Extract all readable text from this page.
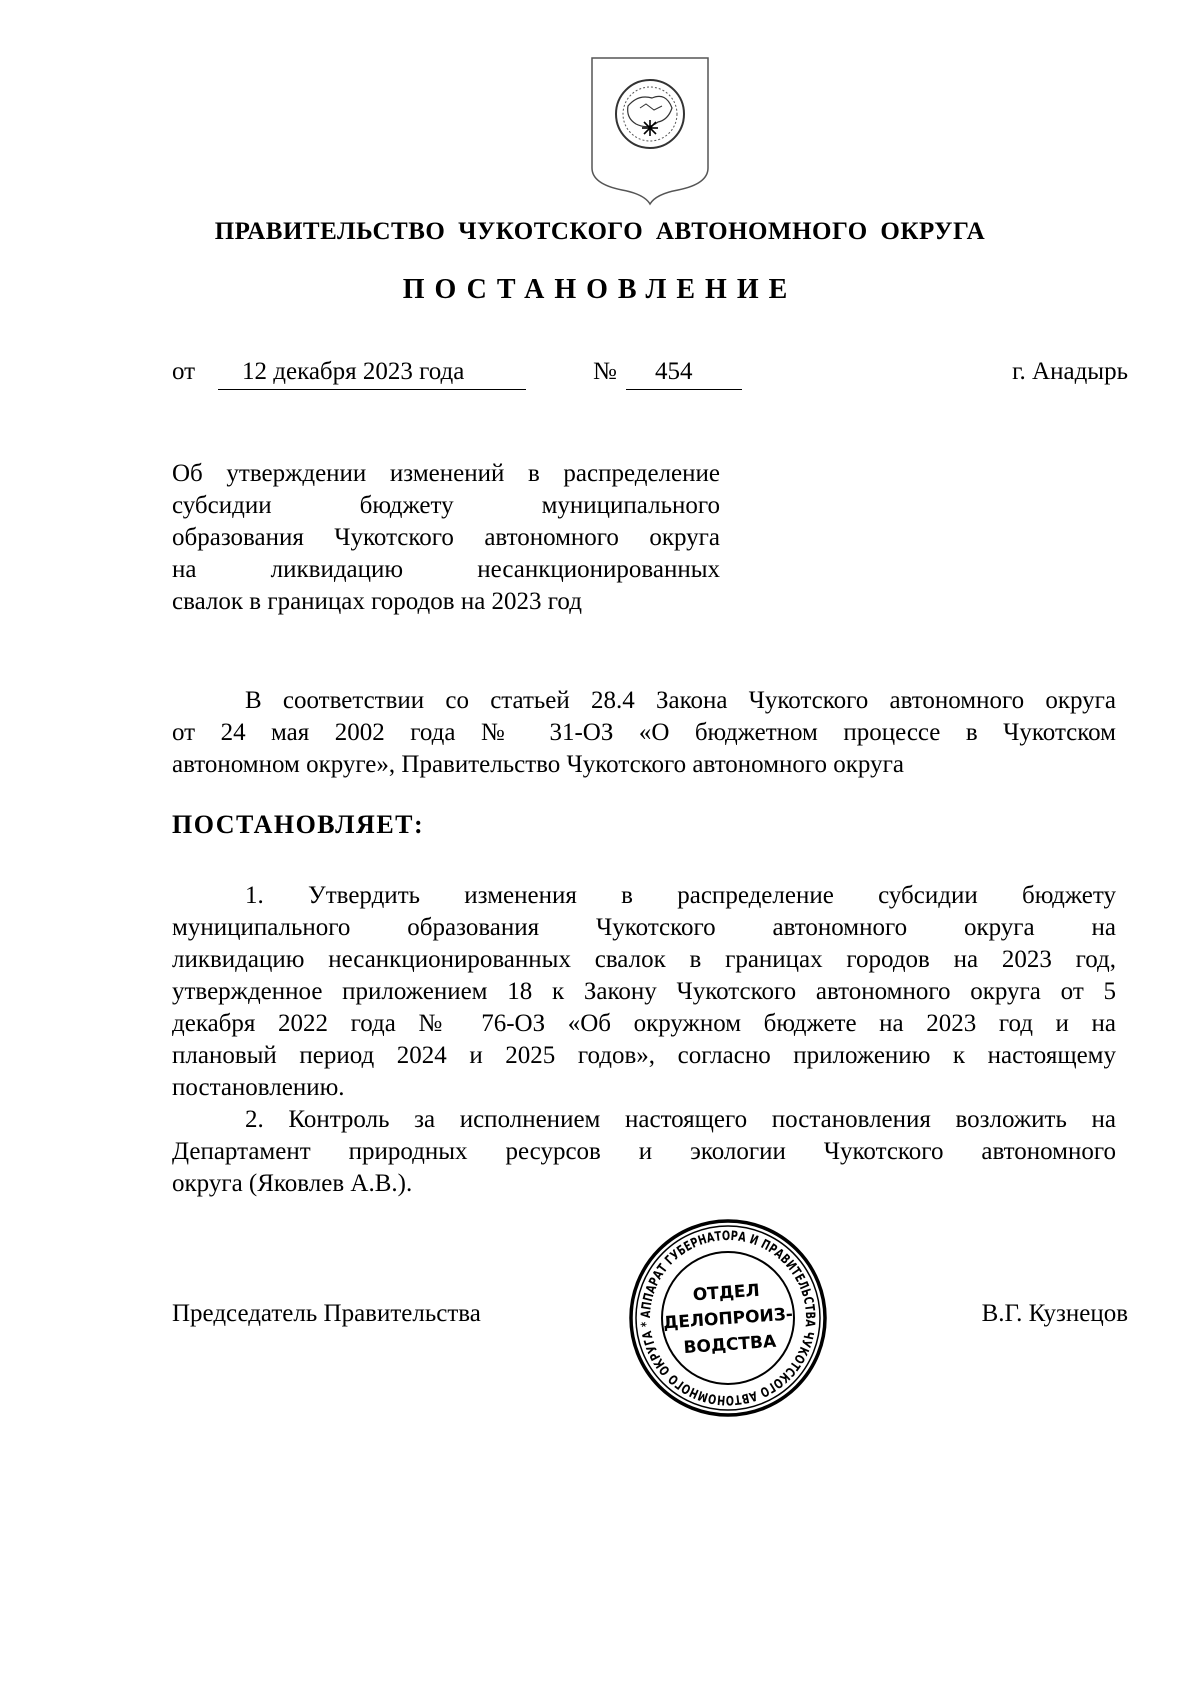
ПРАВИТЕЛЬСТВО ЧУКОТСКОГО АВТОНОМНОГО ОКРУГА
ПОСТАНОВЛЕНИЕ
от 12 декабря 2023 года	№ 454	г. Анадырь
Об утверждении изменений в распределение
субсидии бюджету муниципального
образования Чукотского автономного округа
на ликвидацию несанкционированных
свалок в границах городов на 2023 год
В соответствии со статьей 28.4 Закона Чукотского автономного округа
от 24 мая 2002 года № 31-ОЗ «О бюджетном процессе в Чукотском
автономном округе», Правительство Чукотского автономного округа
ПОСТАНОВЛЯЕТ:
1. Утвердить изменения в распределение субсидии бюджету
муниципального образования Чукотского автономного округа на
ликвидацию несанкционированных свалок в границах городов на 2023 год,
утвержденное приложением 18 к Закону Чукотского автономного округа от 5
декабря 2022 года № 76-ОЗ «Об окружном бюджете на 2023 год и на
плановый период 2024 и 2025 годов», согласно приложению к настоящему
постановлению.
2. Контроль за исполнением настоящего постановления возложить на
Департамент природных ресурсов и экологии Чукотского автономного
округа (Яковлев А.В.).
Председатель Правительства	В.Г. Кузнецов
АППАРАТ ГУБЕРНАТОРА И ПРАВИТЕЛЬСТВА ЧУКОТСКОГО АВТОНОМНОГО ОКРУГА *
ОТДЕЛ
ДЕЛОПРОИЗ-
ВОДСТВА
